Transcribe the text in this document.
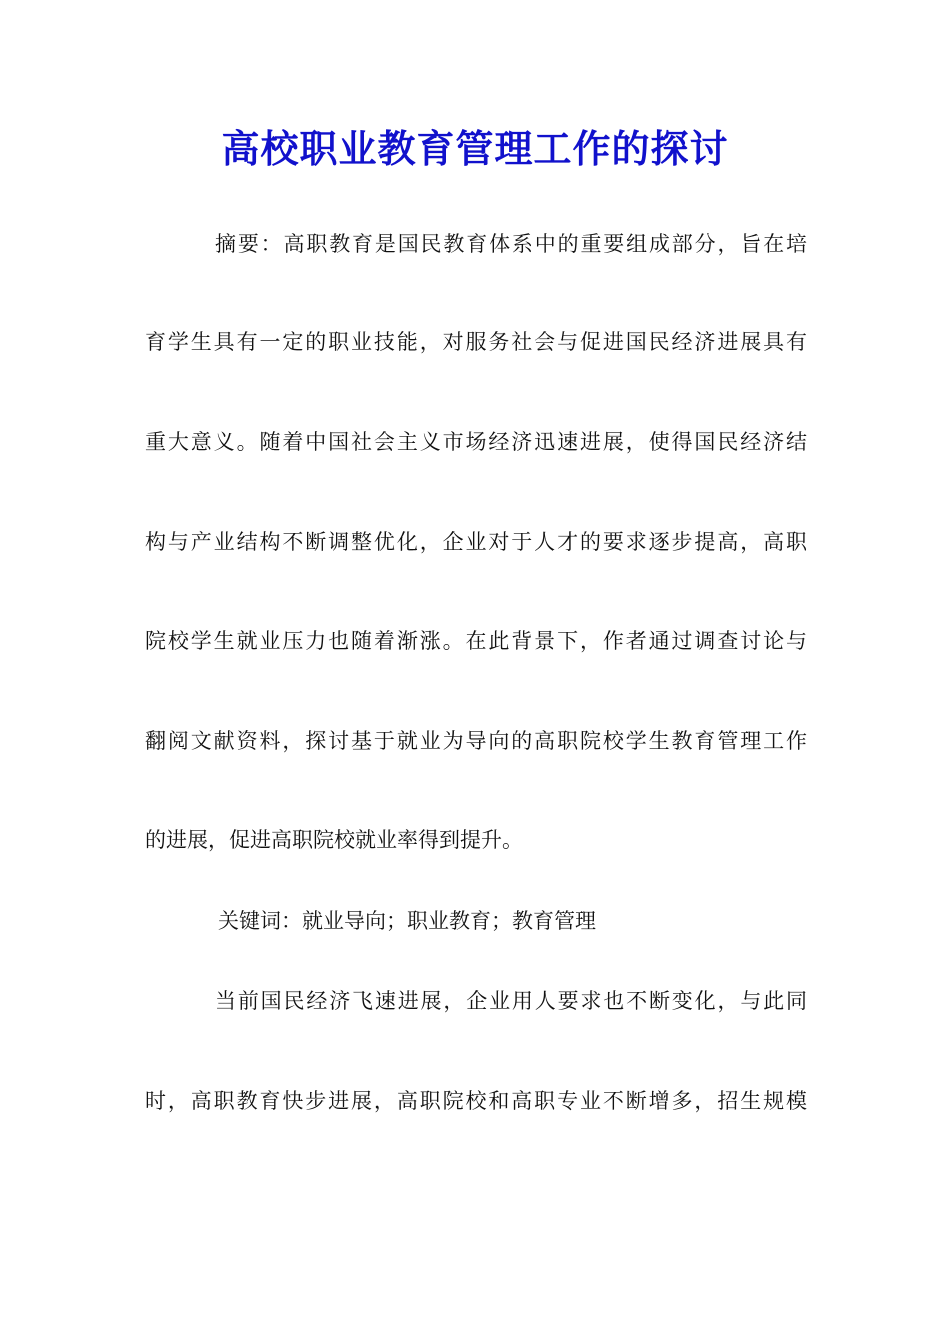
高校职业教育管理工作的探讨
摘要：高职教育是国民教育体系中的重要组成部分，旨在培
育学生具有一定的职业技能，对服务社会与促进国民经济进展具有
重大意义。随着中国社会主义市场经济迅速进展，使得国民经济结
构与产业结构不断调整优化，企业对于人才的要求逐步提高，高职
院校学生就业压力也随着渐涨。在此背景下，作者通过调查讨论与
翻阅文献资料，探讨基于就业为导向的高职院校学生教育管理工作
的进展，促进高职院校就业率得到提升。
关键词：就业导向；职业教育；教育管理
当前国民经济飞速进展，企业用人要求也不断变化，与此同
时，高职教育快步进展，高职院校和高职专业不断增多，招生规模
